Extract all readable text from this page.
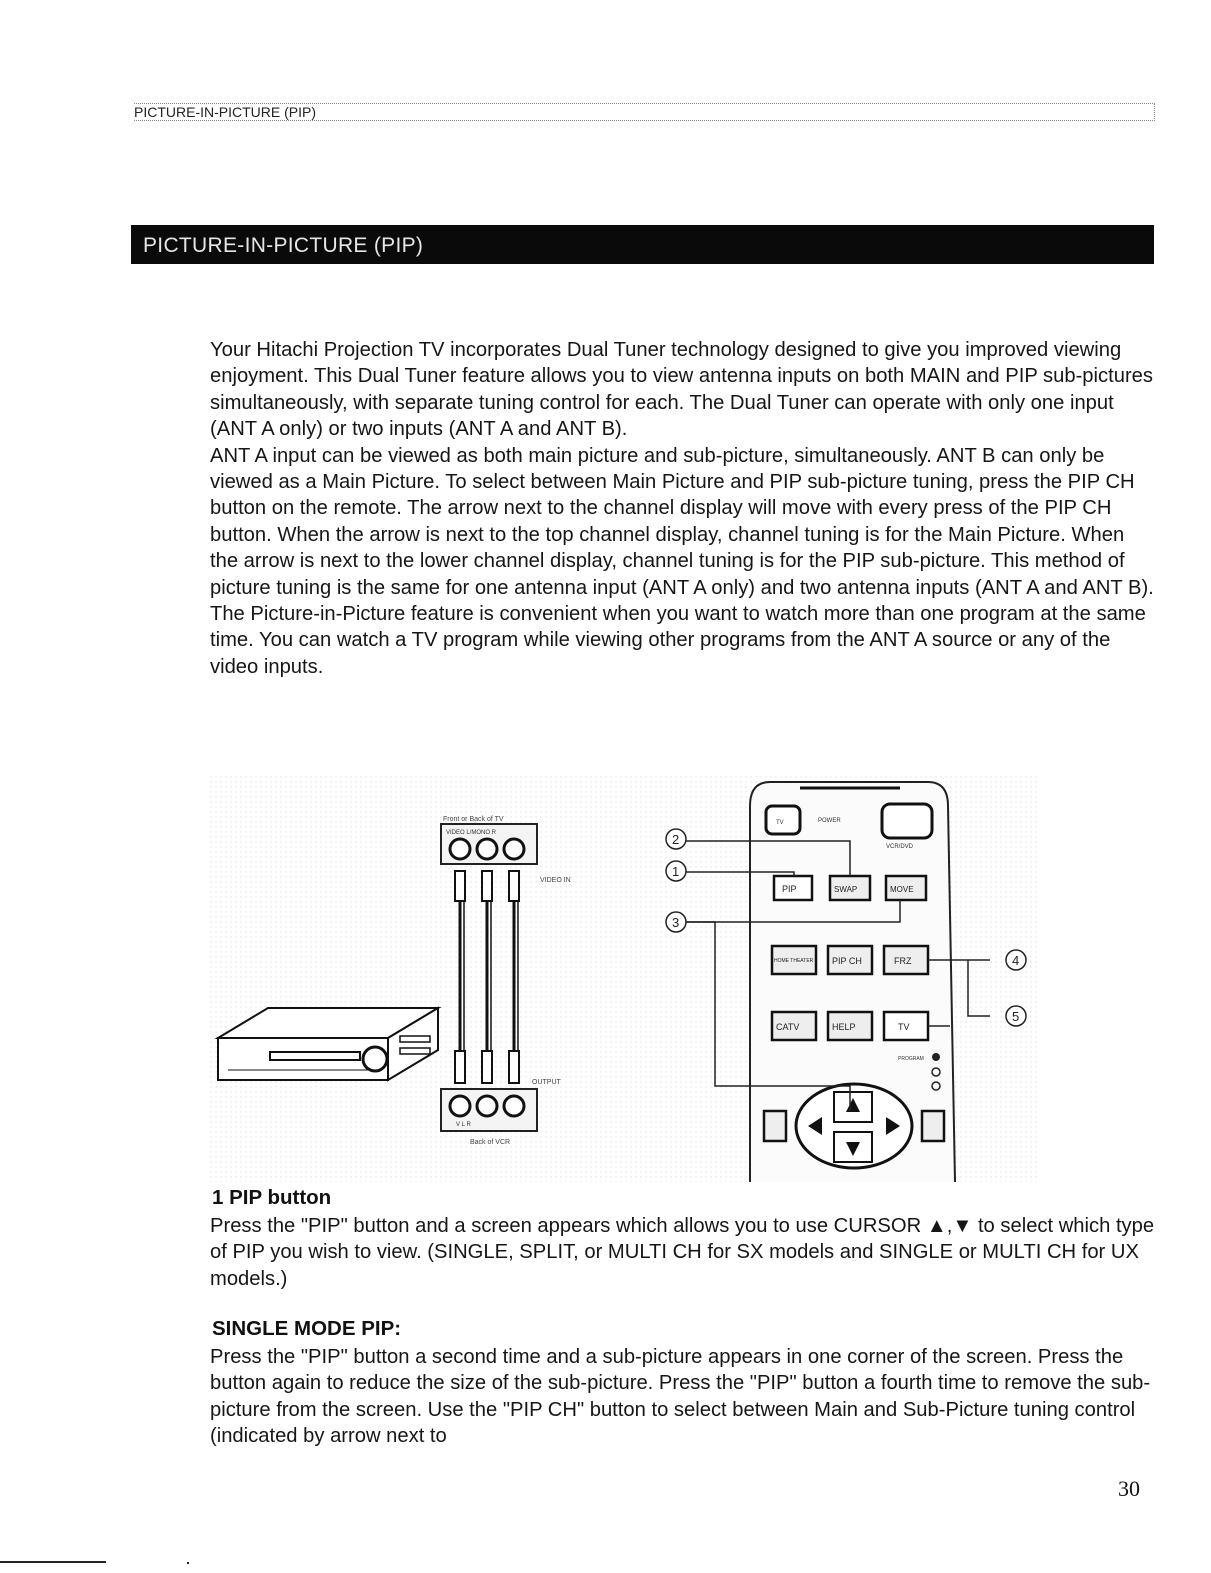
PICTURE-IN-PICTURE (PIP)
PICTURE-IN-PICTURE (PIP)

Your Hitachi Projection TV incorporates Dual Tuner technology designed to give you improved viewing enjoyment. This Dual Tuner feature allows you to view antenna inputs on both MAIN and PIP sub-pictures simultaneously, with separate tuning control for each. The Dual Tuner can operate with only one input (ANT A only) or two inputs (ANT A and ANT B).

ANT A input can be viewed as both main picture and sub-picture, simultaneously. ANT B can only be viewed as a Main Picture. To select between Main Picture and PIP sub-picture tuning, press the PIP CH button on the remote. The arrow next to the channel display will move with every press of the PIP CH button. When the arrow is next to the top channel display, channel tuning is for the Main Picture. When the arrow is next to the lower channel display, channel tuning is for the PIP sub-picture. This method of picture tuning is the same for one antenna input (ANT A only) and two antenna inputs (ANT A and ANT B).

The Picture-in-Picture feature is convenient when you want to watch more than one program at the same time. You can watch a TV program while viewing other programs from the ANT A source or any of the video inputs.

Front or Back of TV
VIDEO L/MONO R
VIDEO IN
OUTPUT
V L R
Back of VCR
TV	POWER
VCR/DVD
PIP	SWAP	MOVE
HOME THEATER PIP CH	FRZ
CATV	HELP	TV
PROGRAM
2
1
3
4
5
1 PIP button

Press the "PIP" button and a screen appears which allows you to use CURSOR ▲,▼ to select which type of PIP you wish to view. (SINGLE, SPLIT, or MULTI CH for SX models and SINGLE or MULTI CH for UX models.)

SINGLE MODE PIP:

Press the "PIP" button a second time and a sub-picture appears in one corner of the screen. Press the button again to reduce the size of the sub-picture. Press the "PIP" button a fourth time to remove the sub-picture from the screen. Use the "PIP CH" button to select between Main and Sub-Picture tuning control (indicated by arrow next to

30
